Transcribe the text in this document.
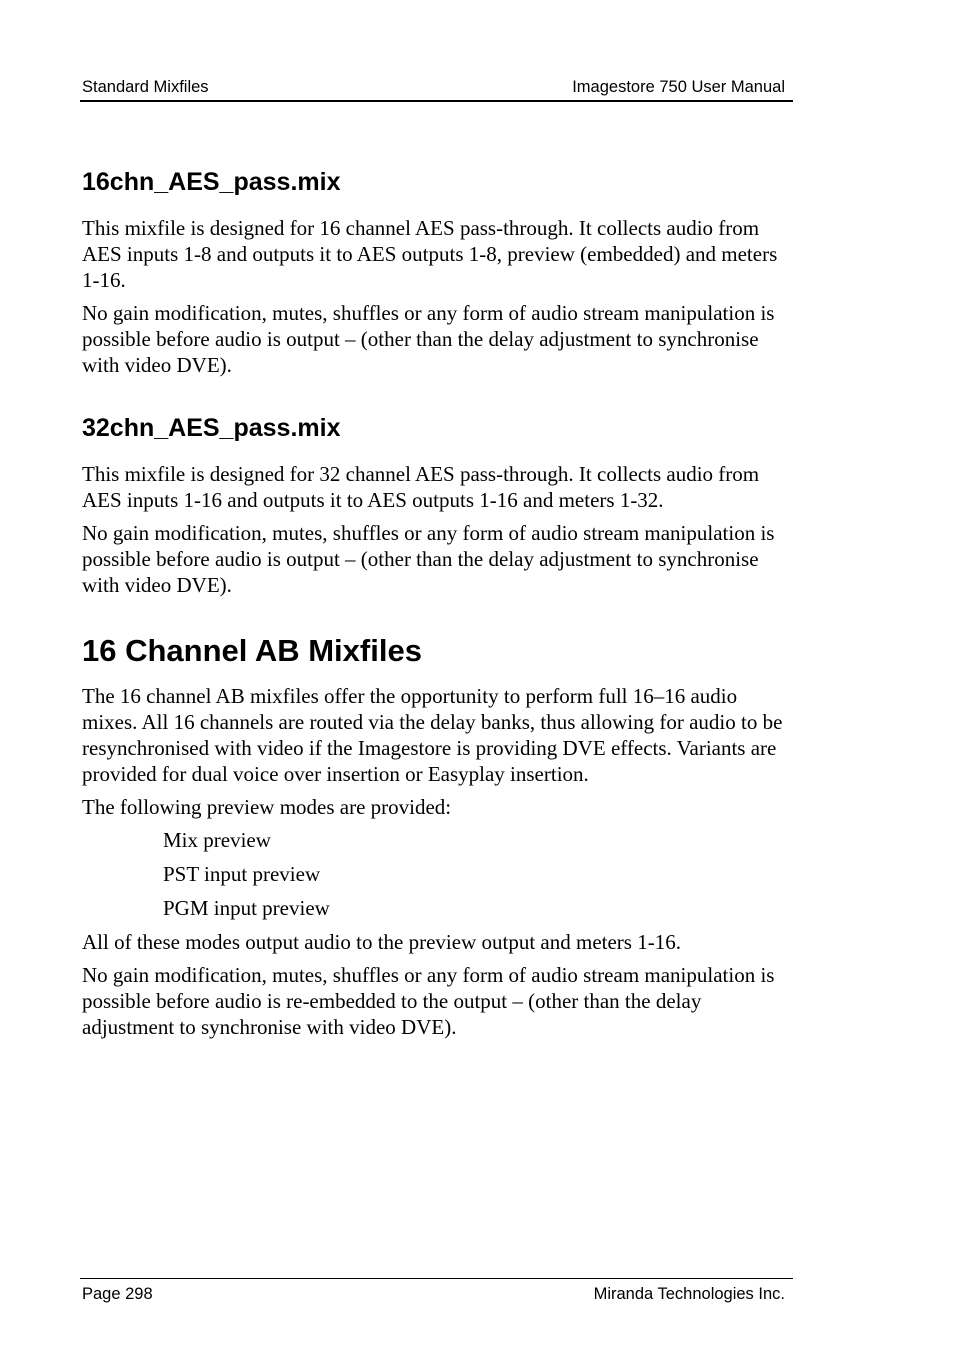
Standard Mixfiles	Imagestore 750 User Manual
16chn_AES_pass.mix

This mixfile is designed for 16 channel AES pass-through. It collects audio from AES inputs 1-8 and outputs it to AES outputs 1-8, preview (embedded) and meters 1-16.

No gain modification, mutes, shuffles or any form of audio stream manipulation is possible before audio is output – (other than the delay adjustment to synchronise with video DVE).

32chn_AES_pass.mix

This mixfile is designed for 32 channel AES pass-through. It collects audio from AES inputs 1-16 and outputs it to AES outputs 1-16 and meters 1-32.

No gain modification, mutes, shuffles or any form of audio stream manipulation is possible before audio is output – (other than the delay adjustment to synchronise with video DVE).

16 Channel AB Mixfiles

The 16 channel AB mixfiles offer the opportunity to perform full 16–16 audio mixes. All 16 channels are routed via the delay banks, thus allowing for audio to be resynchronised with video if the Imagestore is providing DVE effects. Variants are provided for dual voice over insertion or Easyplay insertion.

The following preview modes are provided:

Mix preview
PST input preview
PGM input preview

All of these modes output audio to the preview output and meters 1-16.

No gain modification, mutes, shuffles or any form of audio stream manipulation is possible before audio is re-embedded to the output – (other than the delay adjustment to synchronise with video DVE).

Page 298	Miranda Technologies Inc.
